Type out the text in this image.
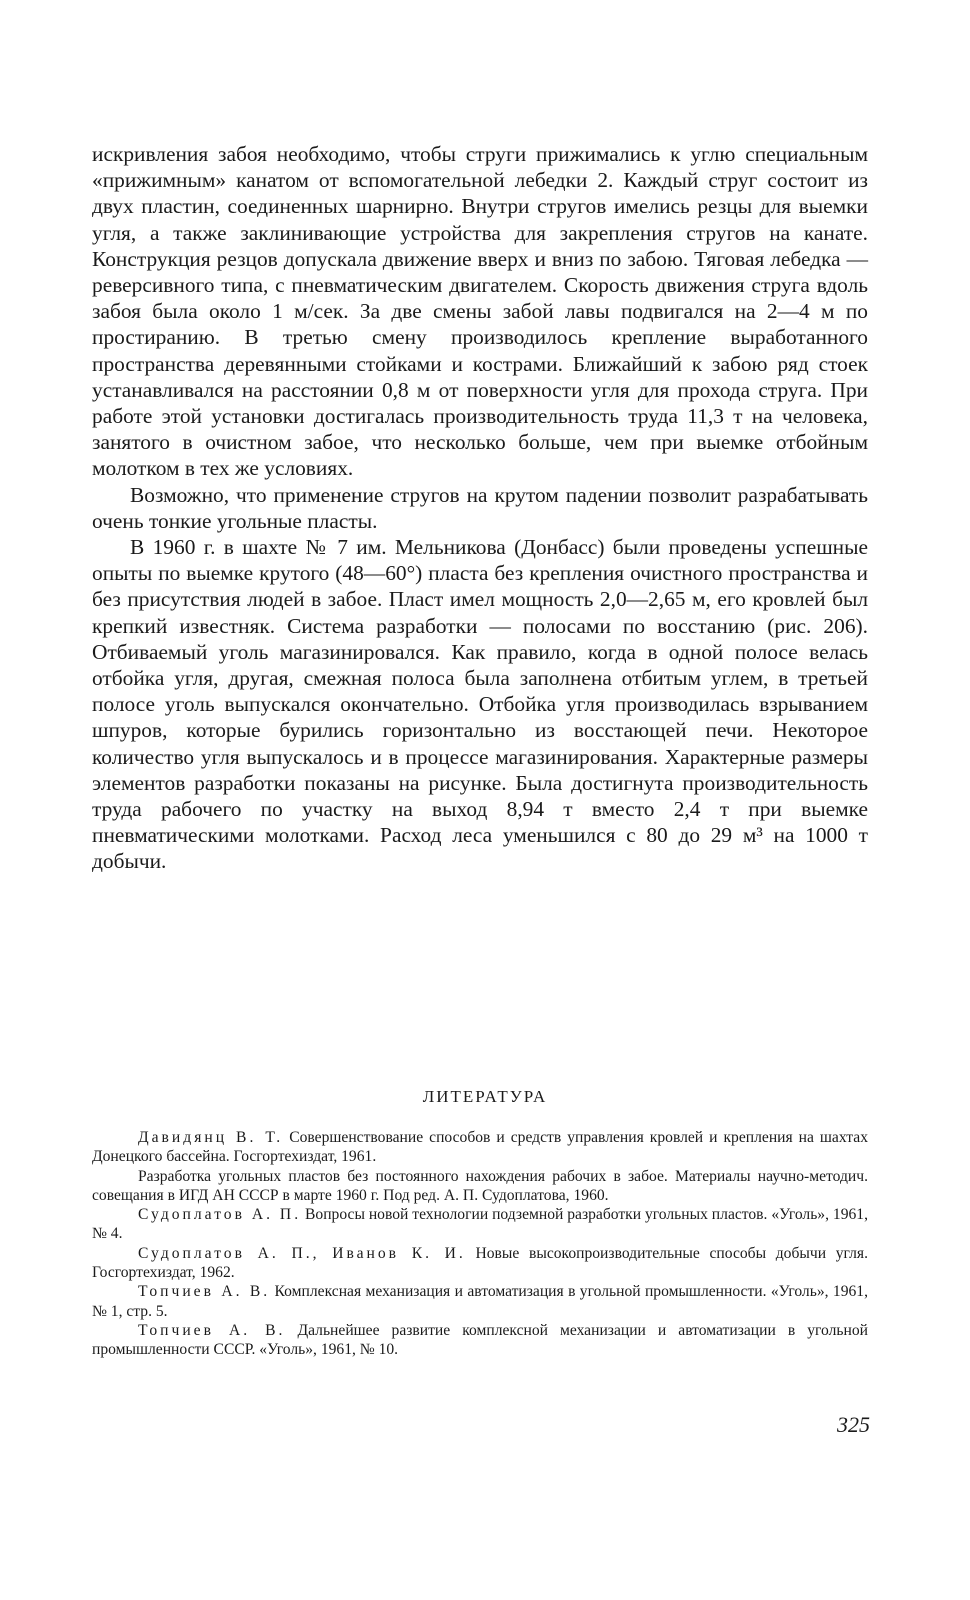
искривления забоя необходимо, чтобы струги прижимались к углю специальным «прижимным» канатом от вспомогательной лебедки 2. Каждый струг состоит из двух пластин, соединенных шарнирно. Внутри стругов имелись резцы для выемки угля, а также заклинивающие устройства для закрепления стругов на канате. Конструкция резцов допускала движение вверх и вниз по забою. Тяговая лебедка — реверсивного типа, с пневматическим двигателем. Скорость движения струга вдоль забоя была около 1 м/сек. За две смены забой лавы подвигался на 2—4 м по простиранию. В третью смену производилось крепление выработанного пространства деревянными стойками и кострами. Ближайший к забою ряд стоек устанавливался на расстоянии 0,8 м от поверхности угля для прохода струга. При работе этой установки достигалась производительность труда 11,3 т на человека, занятого в очистном забое, что несколько больше, чем при выемке отбойным молотком в тех же условиях.

Возможно, что применение стругов на крутом падении позволит разрабатывать очень тонкие угольные пласты.

В 1960 г. в шахте № 7 им. Мельникова (Донбасс) были проведены успешные опыты по выемке крутого (48—60°) пласта без крепления очистного пространства и без присутствия людей в забое. Пласт имел мощность 2,0—2,65 м, его кровлей был крепкий известняк. Система разработки — полосами по восстанию (рис. 206). Отбиваемый уголь магазинировался. Как правило, когда в одной полосе велась отбойка угля, другая, смежная полоса была заполнена отбитым углем, в третьей полосе уголь выпускался окончательно. Отбойка угля производилась взрыванием шпуров, которые бурились горизонтально из восстающей печи. Некоторое количество угля выпускалось и в процессе магазинирования. Характерные размеры элементов разработки показаны на рисунке. Была достигнута производительность труда рабочего по участку на выход 8,94 т вместо 2,4 т при выемке пневматическими молотками. Расход леса уменьшился с 80 до 29 м³ на 1000 т добычи.

ЛИТЕРАТУРА

Давидянц В. Т. Совершенствование способов и средств управления кровлей и крепления на шахтах Донецкого бассейна. Госгортехиздат, 1961.

Разработка угольных пластов без постоянного нахождения рабочих в забое. Материалы научно-методич. совещания в ИГД АН СССР в марте 1960 г. Под ред. А. П. Судоплатова, 1960.

Судоплатов А. П. Вопросы новой технологии подземной разработки угольных пластов. «Уголь», 1961, № 4.

Судоплатов А. П., Иванов К. И. Новые высокопроизводительные способы добычи угля. Госгортехиздат, 1962.

Топчиев А. В. Комплексная механизация и автоматизация в угольной промышленности. «Уголь», 1961, № 1, стр. 5.

Топчиев А. В. Дальнейшее развитие комплексной механизации и автоматизации в угольной промышленности СССР. «Уголь», 1961, № 10.

325
